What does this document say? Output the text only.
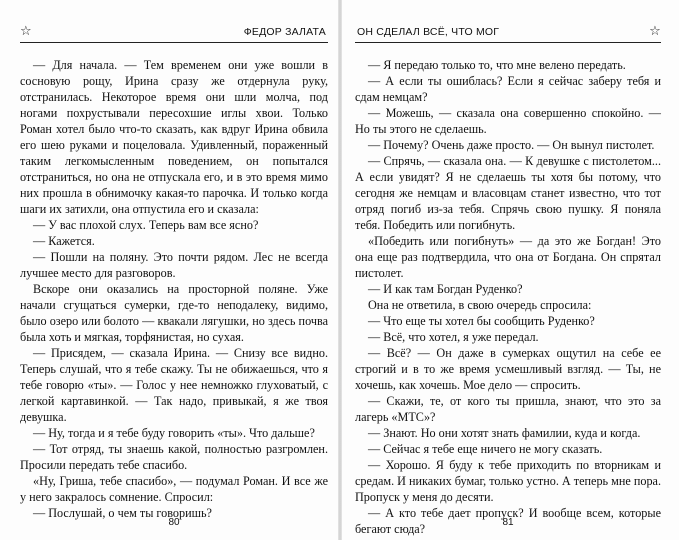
☆	ФЕДОР ЗАЛАТА

— Для начала. — Тем временем они уже вошли в сосновую рощу, Ирина сразу же отдернула руку, отстранилась. Некоторое время они шли молча, под ногами похрустывали пересохшие иглы хвои. Только Роман хотел было что-то сказать, как вдруг Ирина обвила его шею руками и поцеловала. Удивленный, пораженный таким легкомысленным поведением, он попытался отстраниться, но она не отпускала его, и в это время мимо них прошла в обнимочку какая-то парочка. И только когда шаги их затихли, она отпустила его и сказала:

— У вас плохой слух. Теперь вам все ясно?

— Кажется.

— Пошли на поляну. Это почти рядом. Лес не всегда лучшее место для разговоров.

Вскоре они оказались на просторной поляне. Уже начали сгущаться сумерки, где-то неподалеку, видимо, было озеро или болото — квакали лягушки, но здесь почва была хоть и мягкая, торфянистая, но сухая.

— Присядем, — сказала Ирина. — Снизу все видно. Теперь слушай, что я тебе скажу. Ты не обижаешься, что я тебе говорю «ты». — Голос у нее немножко глуховатый, с легкой картавинкой. — Так надо, привыкай, я же твоя девушка.

— Ну, тогда и я тебе буду говорить «ты». Что дальше?

— Тот отряд, ты знаешь какой, полностью разгромлен. Просили передать тебе спасибо.

«Ну, Гриша, тебе спасибо», — подумал Роман. И все же у него закралось сомнение. Спросил:

— Послушай, о чем ты говоришь?

80
ОН СДЕЛАЛ ВСЁ, ЧТО МОГ	☆

— Я передаю только то, что мне велено передать.

— А если ты ошиблась? Если я сейчас заберу тебя и сдам немцам?

— Можешь, — сказала она совершенно спокойно. — Но ты этого не сделаешь.

— Почему? Очень даже просто. — Он вынул пистолет.

— Спрячь, — сказала она. — К девушке с пистолетом... А если увидят? Я не сделаешь ты хотя бы потому, что сегодня же немцам и власовцам станет известно, что тот отряд погиб из-за тебя. Спрячь свою пушку. Я поняла тебя. Победить или погибнуть.

«Победить или погибнуть» — да это же Богдан! Это она еще раз подтвердила, что она от Богдана. Он спрятал пистолет.

— И как там Богдан Руденко?

Она не ответила, в свою очередь спросила:

— Что еще ты хотел бы сообщить Руденко?

— Всё, что хотел, я уже передал.

— Всё? — Он даже в сумерках ощутил на себе ее строгий и в то же время усмешливый взгляд. — Ты, не хочешь, как хочешь. Мое дело — спросить.

— Скажи, те, от кого ты пришла, знают, что это за лагерь «МТС»?

— Знают. Но они хотят знать фамилии, куда и когда.

— Сейчас я тебе еще ничего не могу сказать.

— Хорошо. Я буду к тебе приходить по вторникам и средам. И никаких бумаг, только устно. А теперь мне пора. Пропуск у меня до десяти.

— А кто тебе дает пропуск? И вообще всем, которые бегают сюда?	81
